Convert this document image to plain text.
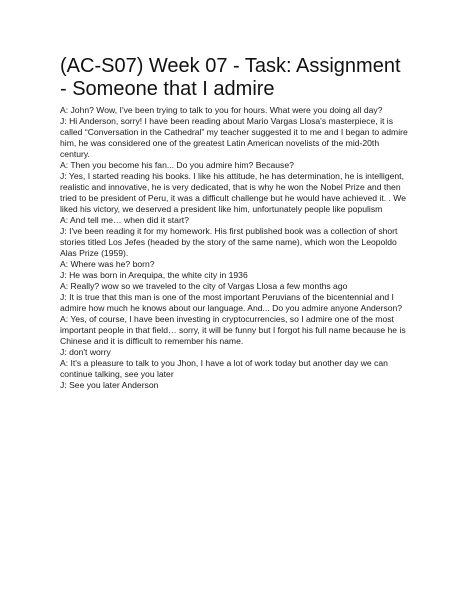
(AC-S07) Week 07 - Task: Assignment - Someone that I admire

A: John? Wow, I've been trying to talk to you for hours. What were you doing all day?

J: Hi Anderson, sorry! I have been reading about Mario Vargas Llosa's masterpiece, it is called “Conversation in the Cathedral” my teacher suggested it to me and I began to admire him, he was considered one of the greatest Latin American novelists of the mid-20th century.

A: Then you become his fan... Do you admire him? Because?

J: Yes, I started reading his books. I like his attitude, he has determination, he is intelligent, realistic and innovative, he is very dedicated, that is why he won the Nobel Prize and then tried to be president of Peru, it was a difficult challenge but he would have achieved it. . We liked his victory, we deserved a president like him, unfortunately people like populism

A: And tell me… when did it start?

J: I've been reading it for my homework. His first published book was a collection of short stories titled Los Jefes (headed by the story of the same name), which won the Leopoldo Alas Prize (1959).

A: Where was he? born?

J: He was born in Arequipa, the white city in 1936

A: Really? wow so we traveled to the city of Vargas Llosa a few months ago

J: It is true that this man is one of the most important Peruvians of the bicentennial and I admire how much he knows about our language. And... Do you admire anyone Anderson?

A: Yes, of course, I have been investing in cryptocurrencies, so I admire one of the most important people in that field… sorry, it will be funny but I forgot his full name because he is Chinese and it is difficult to remember his name.

J: don't worry

A: It's a pleasure to talk to you Jhon, I have a lot of work today but another day we can continue talking, see you later

J: See you later Anderson
